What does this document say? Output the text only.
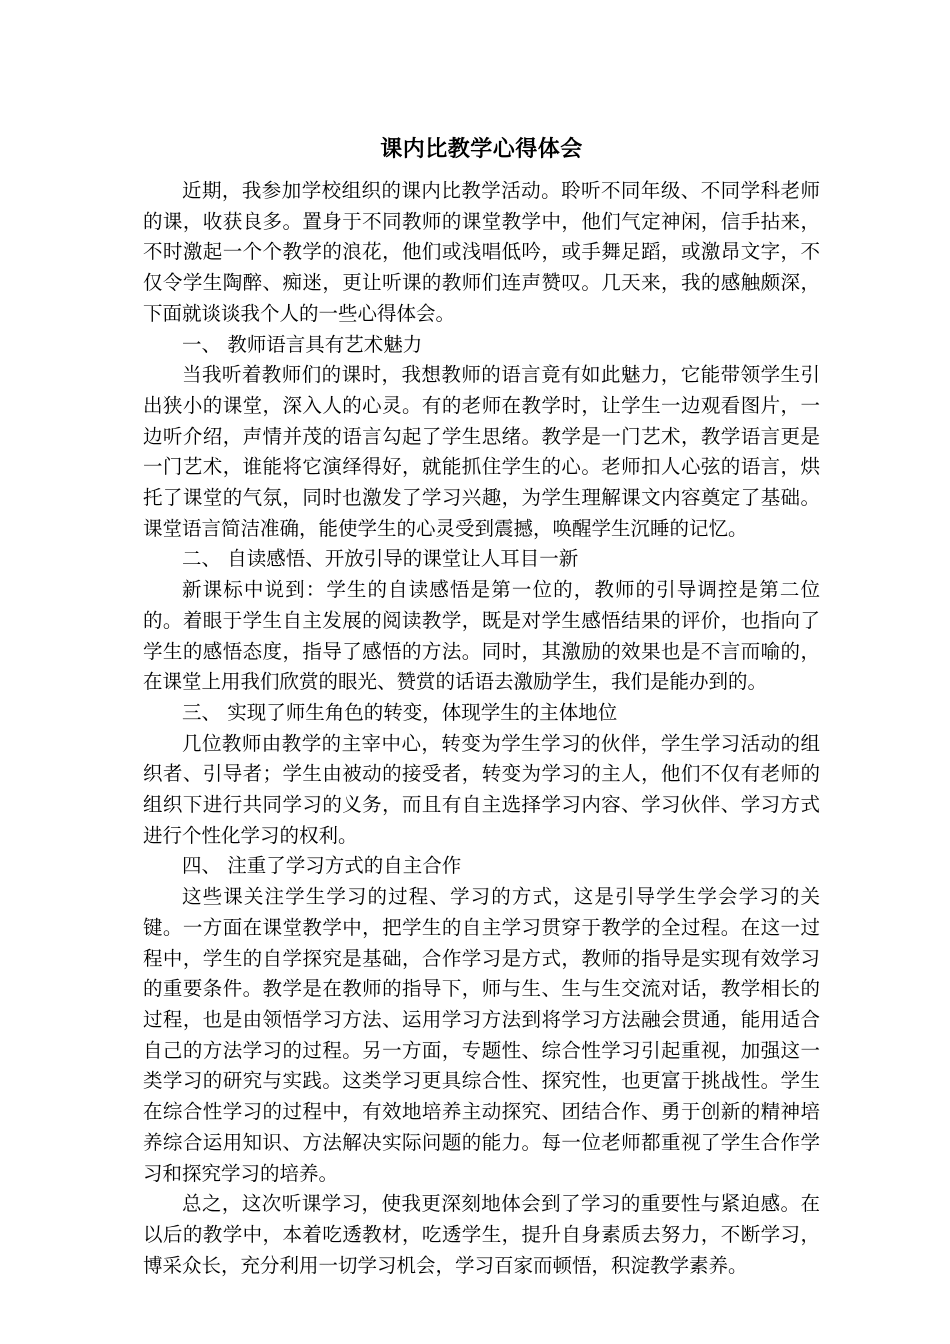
课内比教学心得体会

近期，我参加学校组织的课内比教学活动。聆听不同年级、不同学科老师的课，收获良多。置身于不同教师的课堂教学中，他们气定神闲，信手拈来，不时激起一个个教学的浪花，他们或浅唱低吟，或手舞足蹈，或激昂文字，不仅令学生陶醉、痴迷，更让听课的教师们连声赞叹。几天来，我的感触颇深，下面就谈谈我个人的一些心得体会。

一、 教师语言具有艺术魅力

当我听着教师们的课时，我想教师的语言竟有如此魅力，它能带领学生引出狭小的课堂，深入人的心灵。有的老师在教学时，让学生一边观看图片，一边听介绍，声情并茂的语言勾起了学生思绪。教学是一门艺术，教学语言更是一门艺术，谁能将它演绎得好，就能抓住学生的心。老师扣人心弦的语言，烘托了课堂的气氛，同时也激发了学习兴趣，为学生理解课文内容奠定了基础。课堂语言简洁准确，能使学生的心灵受到震撼，唤醒学生沉睡的记忆。

二、 自读感悟、开放引导的课堂让人耳目一新

新课标中说到：学生的自读感悟是第一位的，教师的引导调控是第二位的。着眼于学生自主发展的阅读教学，既是对学生感悟结果的评价，也指向了学生的感悟态度，指导了感悟的方法。同时，其激励的效果也是不言而喻的，在课堂上用我们欣赏的眼光、赞赏的话语去激励学生，我们是能办到的。

三、 实现了师生角色的转变，体现学生的主体地位

几位教师由教学的主宰中心，转变为学生学习的伙伴，学生学习活动的组织者、引导者；学生由被动的接受者，转变为学习的主人，他们不仅有老师的组织下进行共同学习的义务，而且有自主选择学习内容、学习伙伴、学习方式进行个性化学习的权利。

四、 注重了学习方式的自主合作

这些课关注学生学习的过程、学习的方式，这是引导学生学会学习的关键。一方面在课堂教学中，把学生的自主学习贯穿于教学的全过程。在这一过程中，学生的自学探究是基础，合作学习是方式，教师的指导是实现有效学习的重要条件。教学是在教师的指导下，师与生、生与生交流对话，教学相长的过程，也是由领悟学习方法、运用学习方法到将学习方法融会贯通，能用适合自己的方法学习的过程。另一方面，专题性、综合性学习引起重视，加强这一类学习的研究与实践。这类学习更具综合性、探究性，也更富于挑战性。学生在综合性学习的过程中，有效地培养主动探究、团结合作、勇于创新的精神培养综合运用知识、方法解决实际问题的能力。每一位老师都重视了学生合作学习和探究学习的培养。

总之，这次听课学习，使我更深刻地体会到了学习的重要性与紧迫感。在以后的教学中，本着吃透教材，吃透学生，提升自身素质去努力，不断学习，博采众长，充分利用一切学习机会，学习百家而顿悟，积淀教学素养。
